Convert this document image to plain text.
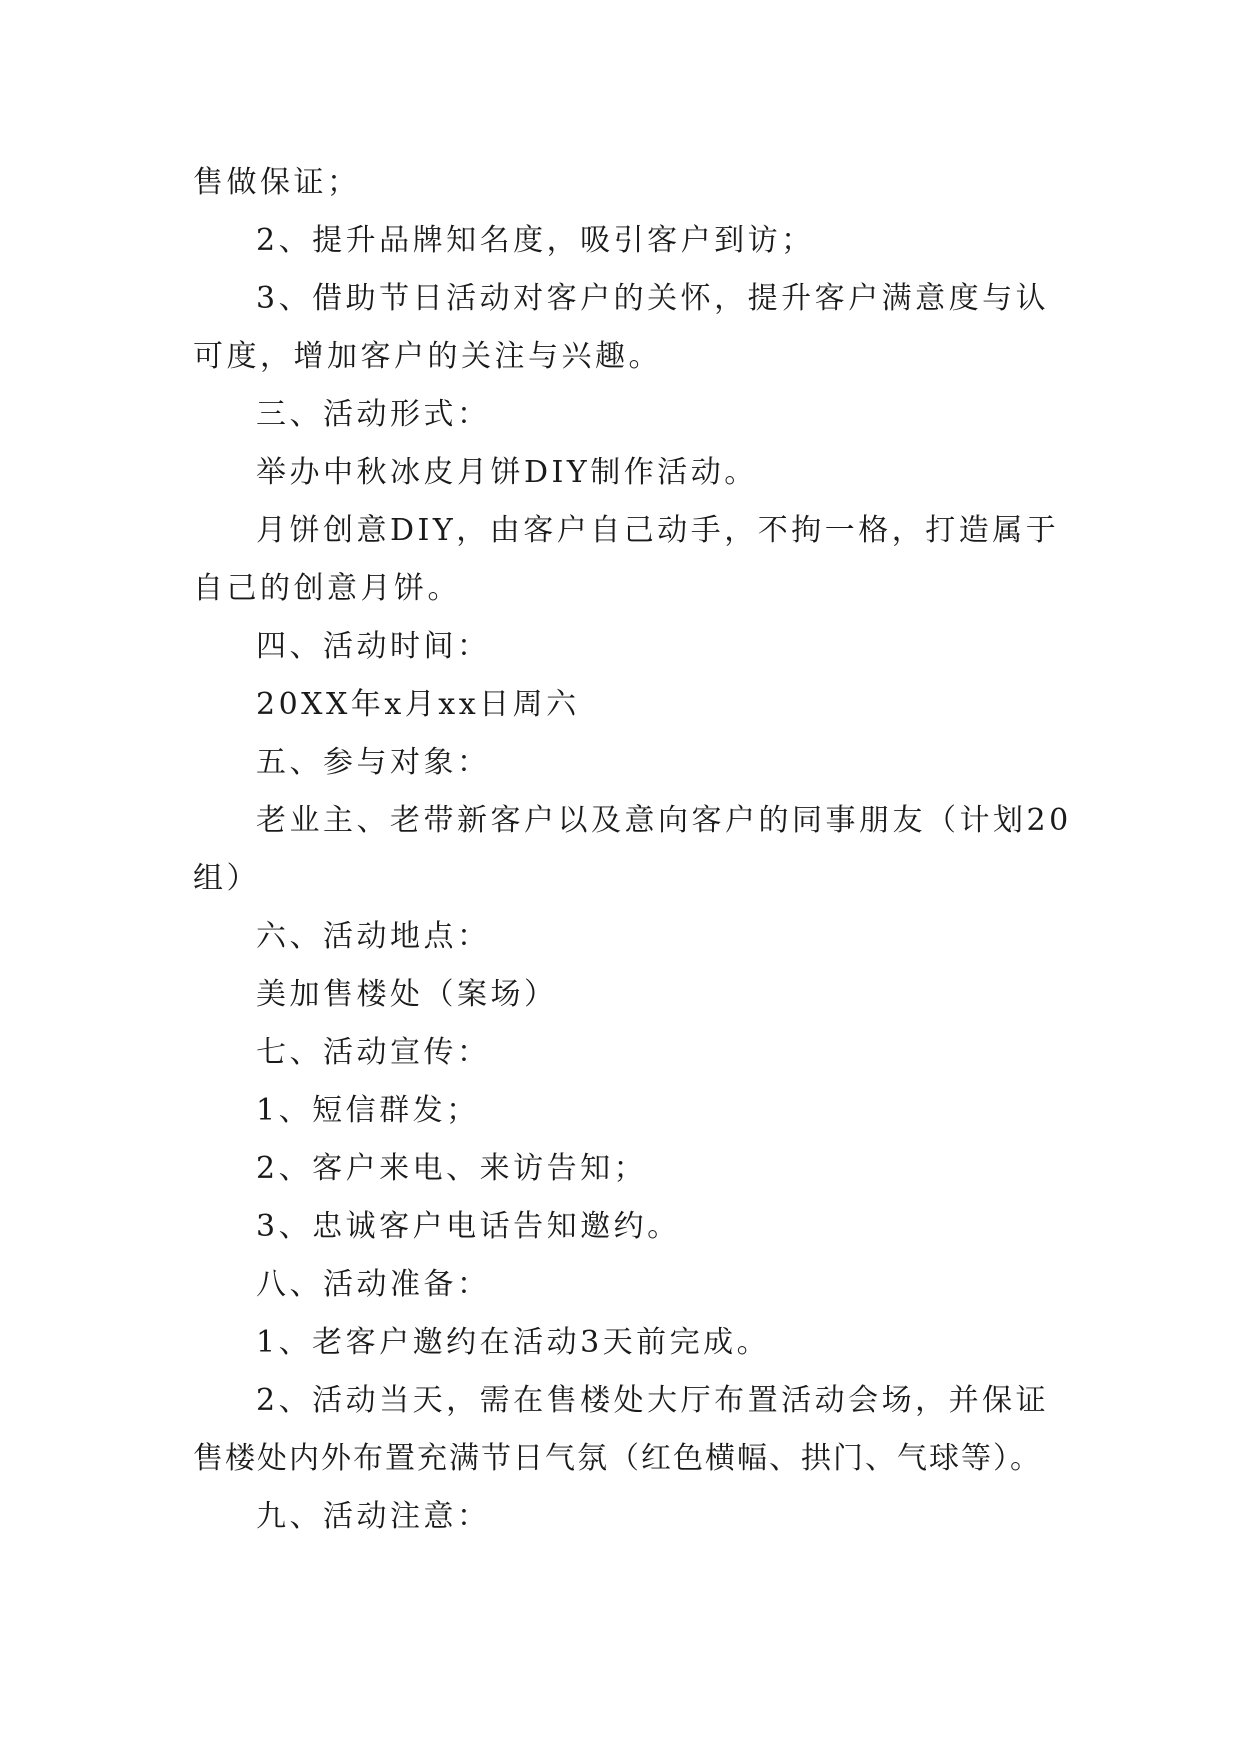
售做保证；
2、提升品牌知名度，吸引客户到访；
3、借助节日活动对客户的关怀，提升客户满意度与认
可度，增加客户的关注与兴趣。
三、活动形式：
举办中秋冰皮月饼DIY制作活动。
月饼创意DIY，由客户自己动手，不拘一格，打造属于
自己的创意月饼。
四、活动时间：
20XX年x月xx日周六
五、参与对象：
老业主、老带新客户以及意向客户的同事朋友（计划20
组）
六、活动地点：
美加售楼处（案场）
七、活动宣传：
1、短信群发；
2、客户来电、来访告知；
3、忠诚客户电话告知邀约。
八、活动准备：
1、老客户邀约在活动3天前完成。
2、活动当天，需在售楼处大厅布置活动会场，并保证
售楼处内外布置充满节日气氛（红色横幅、拱门、气球等）。
九、活动注意：
